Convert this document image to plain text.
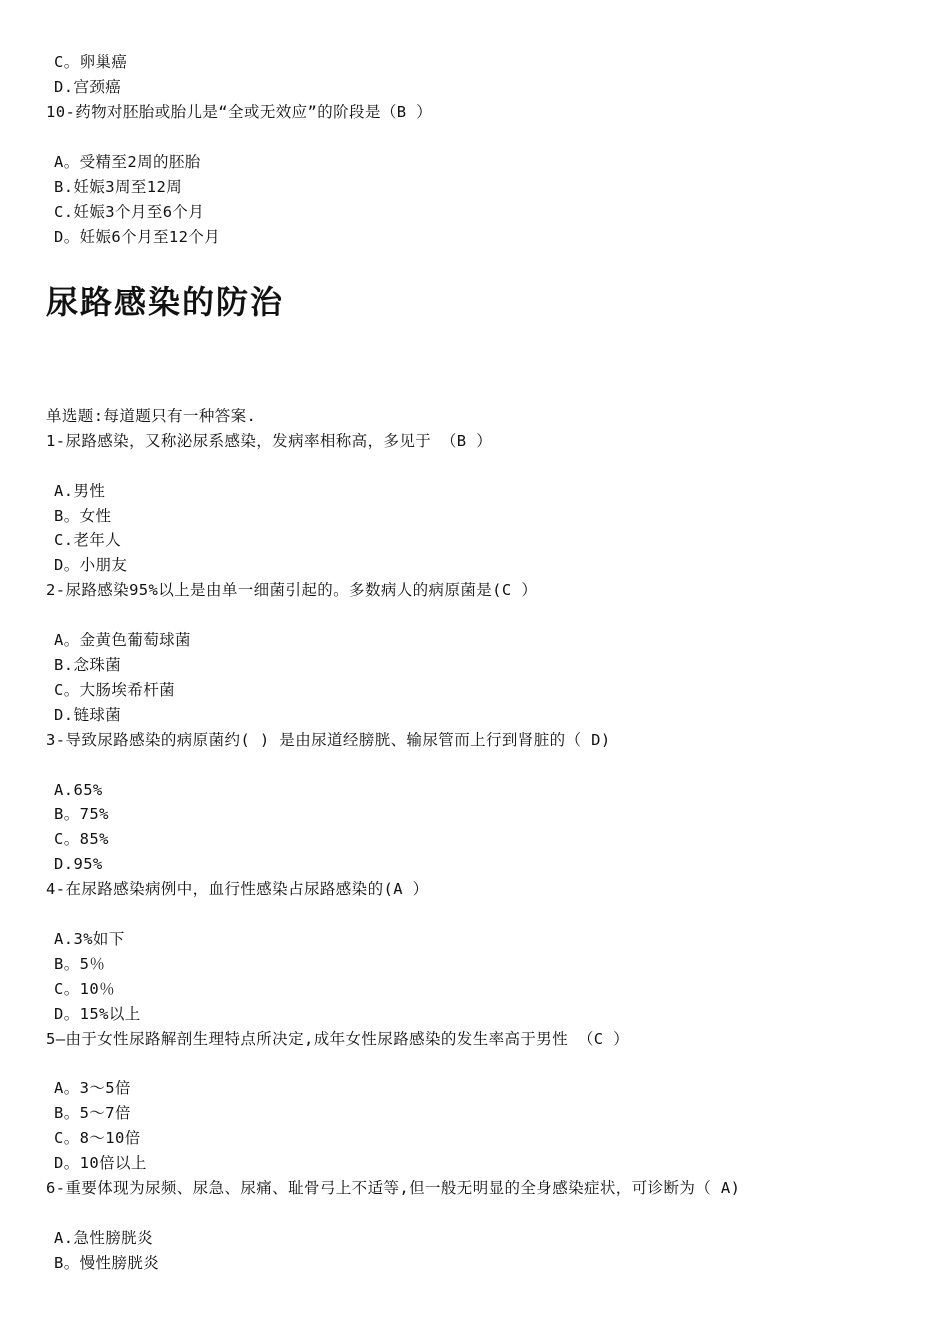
C。卵巢癌
D.宫颈癌
10-药物对胚胎或胎儿是“全或无效应”的阶段是（B ）
A。受精至2周的胚胎
B.妊娠3周至12周
C.妊娠3个月至6个月
D。妊娠6个月至12个月
尿路感染的防治
单选题:每道题只有一种答案.
1-尿路感染，又称泌尿系感染，发病率相称高，多见于 （B ）
A.男性
B。女性
C.老年人
D。小朋友
2-尿路感染95%以上是由单一细菌引起的。多数病人的病原菌是(C ）
A。金黄色葡萄球菌
B.念珠菌
C。大肠埃希杆菌
D.链球菌
3-导致尿路感染的病原菌约( ) 是由尿道经膀胱、输尿管而上行到肾脏的（ D)
A.65%
B。75%
C。85%
D.95%
4-在尿路感染病例中，血行性感染占尿路感染的(A ）
A.3%如下
B。5％
C。10％
D。15%以上
5—由于女性尿路解剖生理特点所决定,成年女性尿路感染的发生率高于男性 （C ）
A。3～5倍
B。5～7倍
C。8～10倍
D。10倍以上
6-重要体现为尿频、尿急、尿痛、耻骨弓上不适等,但一般无明显的全身感染症状，可诊断为（ A)
A.急性膀胱炎
B。慢性膀胱炎
